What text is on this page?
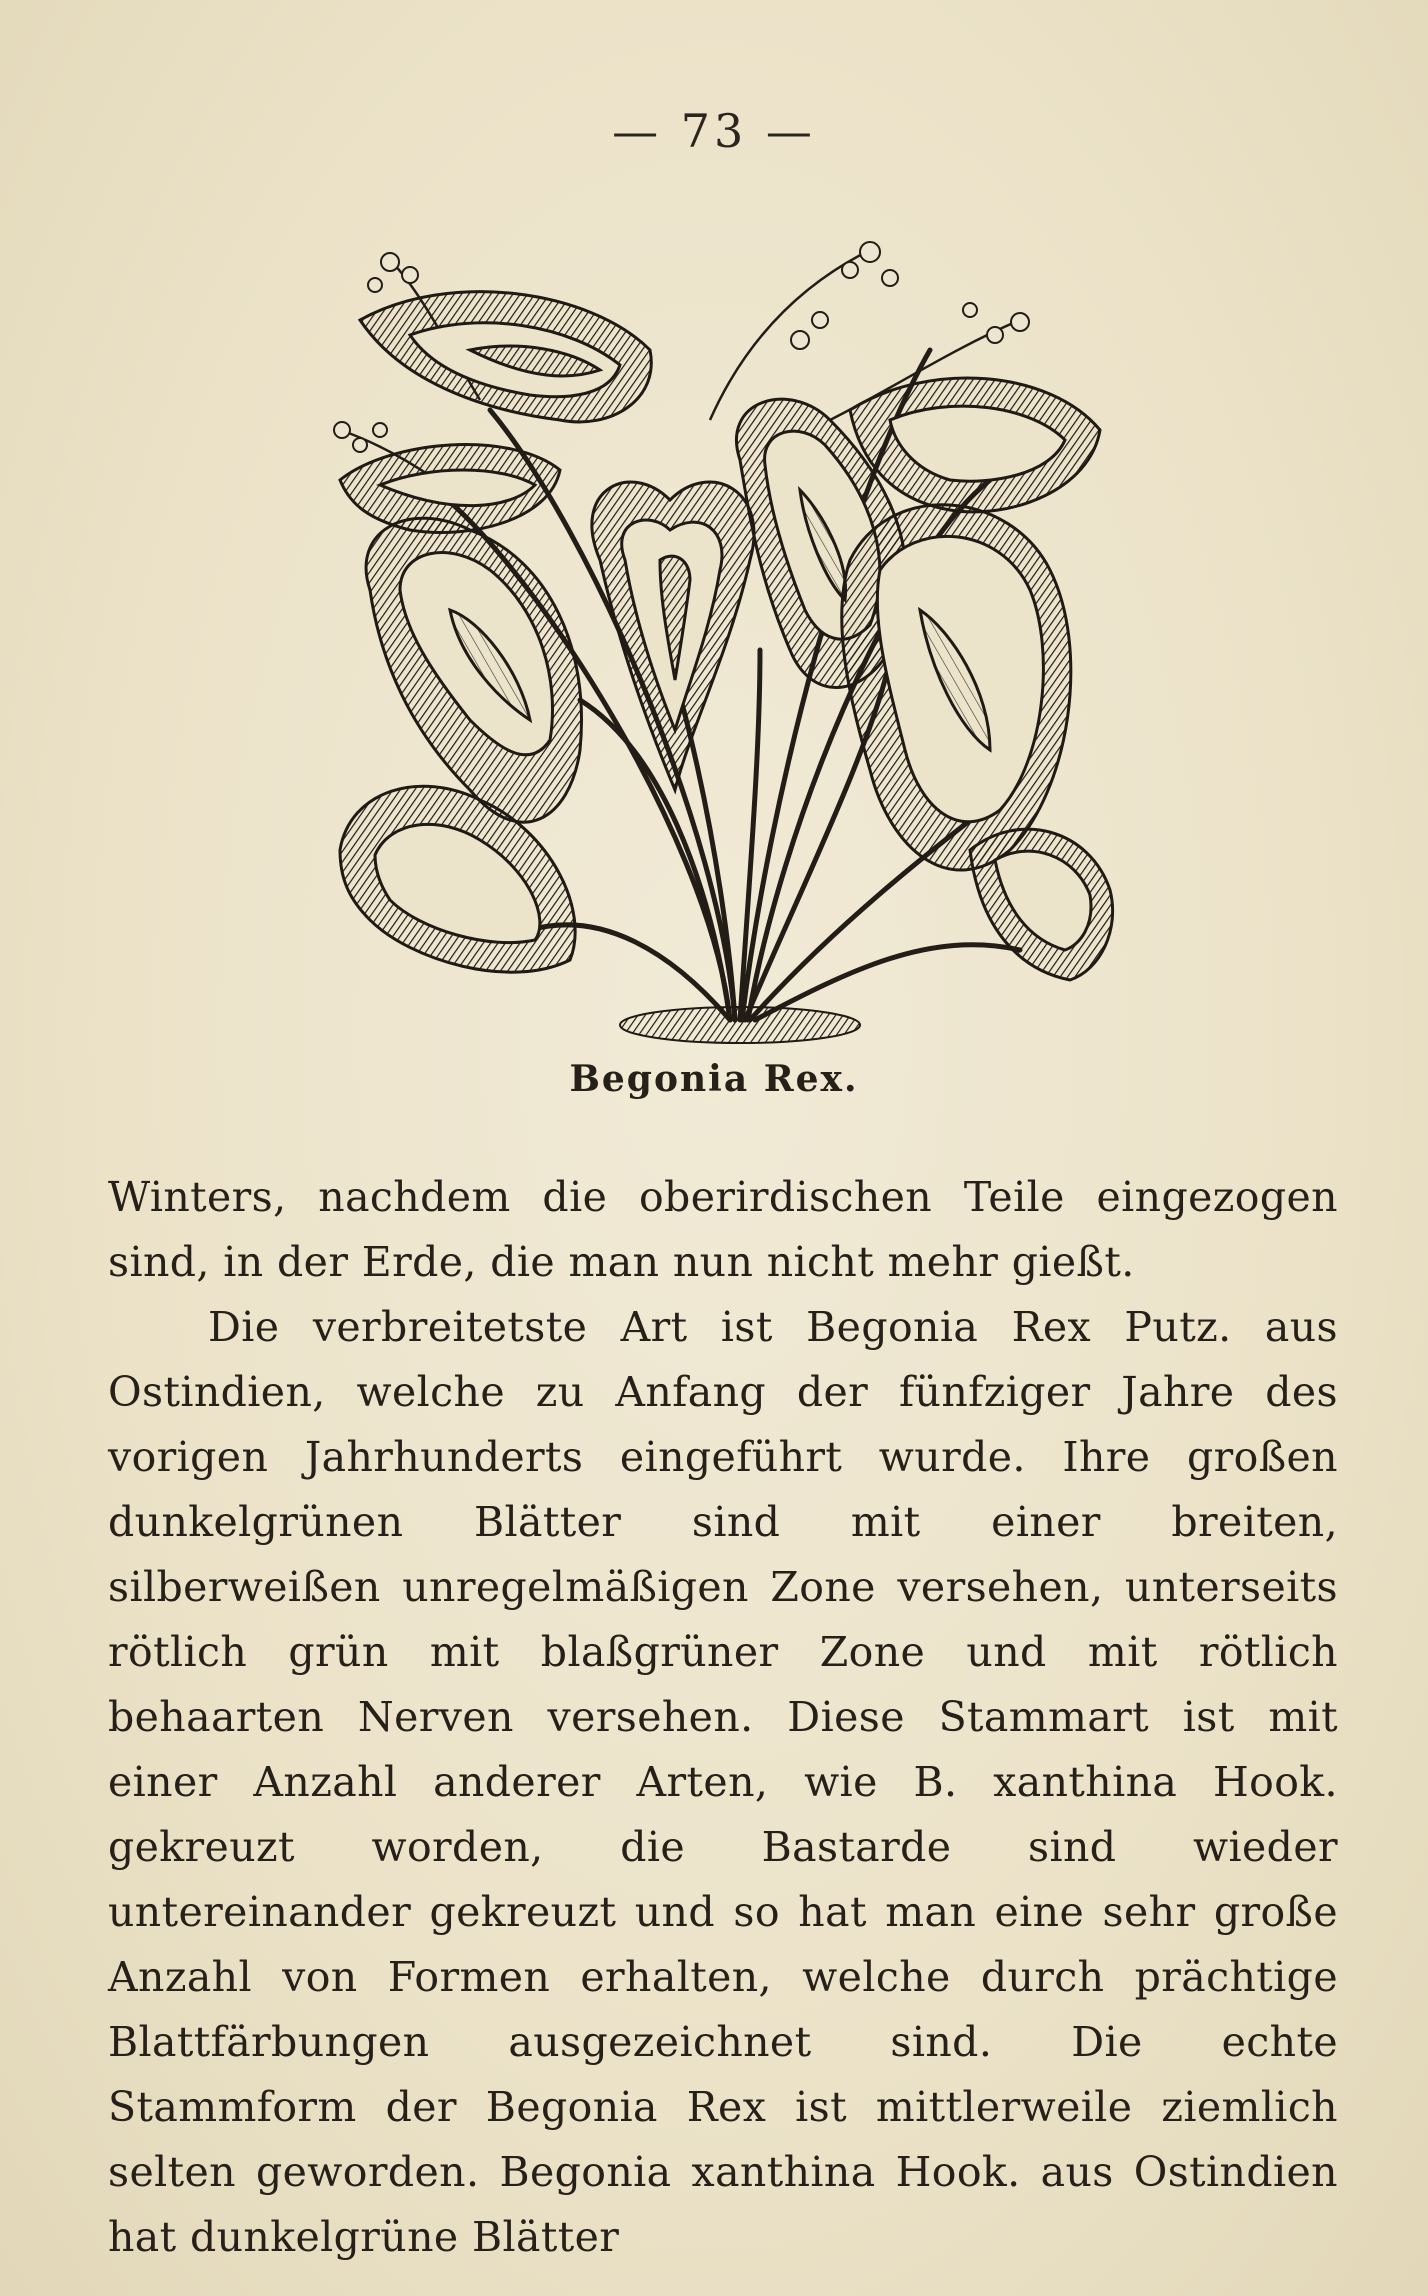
— 73 —
Begonia Rex.

Winters, nachdem die oberirdischen Teile eingezogen sind, in der Erde, die man nun nicht mehr gießt.

Die verbreitetste Art ist Begonia Rex Putz. aus Ostindien, welche zu Anfang der fünfziger Jahre des vorigen Jahrhunderts eingeführt wurde. Ihre großen dunkelgrünen Blätter sind mit einer breiten, silberweißen unregelmäßigen Zone versehen, unterseits rötlich grün mit blaßgrüner Zone und mit rötlich behaarten Nerven versehen. Diese Stammart ist mit einer Anzahl anderer Arten, wie B. xanthina Hook. gekreuzt worden, die Bastarde sind wieder untereinander gekreuzt und so hat man eine sehr große Anzahl von Formen erhalten, welche durch prächtige Blattfärbungen ausgezeichnet sind. Die echte Stammform der Begonia Rex ist mittlerweile ziemlich selten geworden. Begonia xanthina Hook. aus Ostindien hat dunkelgrüne Blätter
